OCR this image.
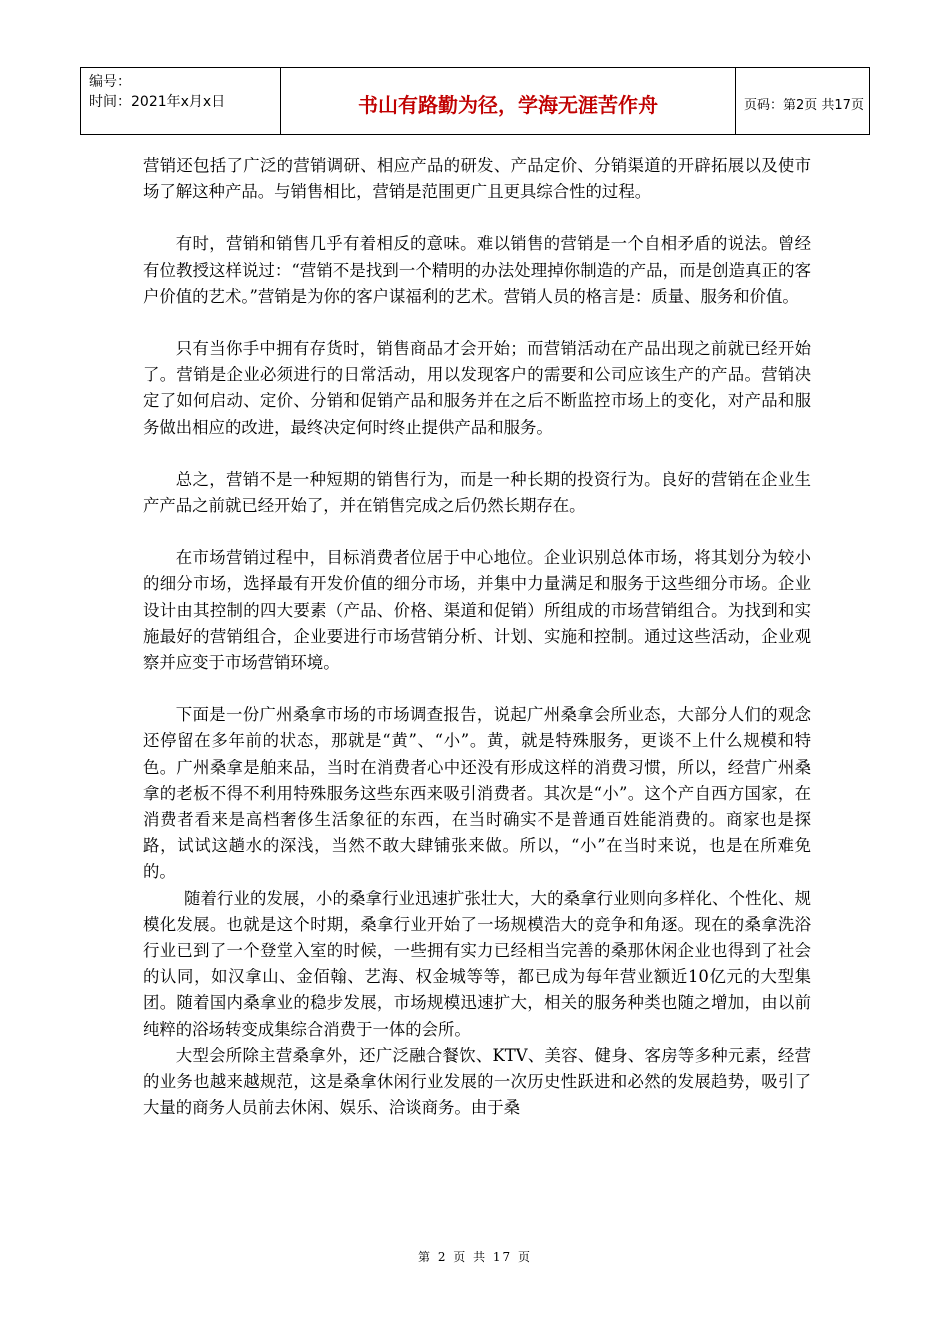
编号：
时间：2021年x月x日	书山有路勤为径，学海无涯苦作舟	页码：第2页 共17页

营销还包括了广泛的营销调研、相应产品的研发、产品定价、分销渠道的开辟拓展以及使市场了解这种产品。与销售相比，营销是范围更广且更具综合性的过程。

有时，营销和销售几乎有着相反的意味。难以销售的营销是一个自相矛盾的说法。曾经有位教授这样说过：“营销不是找到一个精明的办法处理掉你制造的产品，而是创造真正的客户价值的艺术。”营销是为你的客户谋福利的艺术。营销人员的格言是：质量、服务和价值。

只有当你手中拥有存货时，销售商品才会开始；而营销活动在产品出现之前就已经开始了。营销是企业必须进行的日常活动，用以发现客户的需要和公司应该生产的产品。营销决定了如何启动、定价、分销和促销产品和服务并在之后不断监控市场上的变化，对产品和服务做出相应的改进，最终决定何时终止提供产品和服务。

总之，营销不是一种短期的销售行为，而是一种长期的投资行为。良好的营销在企业生产产品之前就已经开始了，并在销售完成之后仍然长期存在。

在市场营销过程中，目标消费者位居于中心地位。企业识别总体市场，将其划分为较小的细分市场，选择最有开发价值的细分市场，并集中力量满足和服务于这些细分市场。企业设计由其控制的四大要素（产品、价格、渠道和促销）所组成的市场营销组合。为找到和实施最好的营销组合，企业要进行市场营销分析、计划、实施和控制。通过这些活动，企业观察并应变于市场营销环境。

下面是一份广州桑拿市场的市场调查报告，说起广州桑拿会所业态，大部分人们的观念还停留在多年前的状态，那就是“黄”、“小”。黄，就是特殊服务，更谈不上什么规模和特色。广州桑拿是舶来品，当时在消费者心中还没有形成这样的消费习惯，所以，经营广州桑拿的老板不得不利用特殊服务这些东西来吸引消费者。其次是“小”。这个产自西方国家，在消费者看来是高档奢侈生活象征的东西，在当时确实不是普通百姓能消费的。商家也是探路，试试这趟水的深浅，当然不敢大肆铺张来做。所以，“小”在当时来说，也是在所难免的。

随着行业的发展，小的桑拿行业迅速扩张壮大，大的桑拿行业则向多样化、个性化、规模化发展。也就是这个时期，桑拿行业开始了一场规模浩大的竞争和角逐。现在的桑拿洗浴行业已到了一个登堂入室的时候，一些拥有实力已经相当完善的桑那休闲企业也得到了社会的认同，如汉拿山、金佰翰、艺海、权金城等等，都已成为每年营业额近10亿元的大型集团。随着国内桑拿业的稳步发展，市场规模迅速扩大，相关的服务种类也随之增加，由以前纯粹的浴场转变成集综合消费于一体的会所。

大型会所除主营桑拿外，还广泛融合餐饮、KTV、美容、健身、客房等多种元素，经营的业务也越来越规范，这是桑拿休闲行业发展的一次历史性跃进和必然的发展趋势，吸引了大量的商务人员前去休闲、娱乐、洽谈商务。由于桑

第 2 页 共 17 页
